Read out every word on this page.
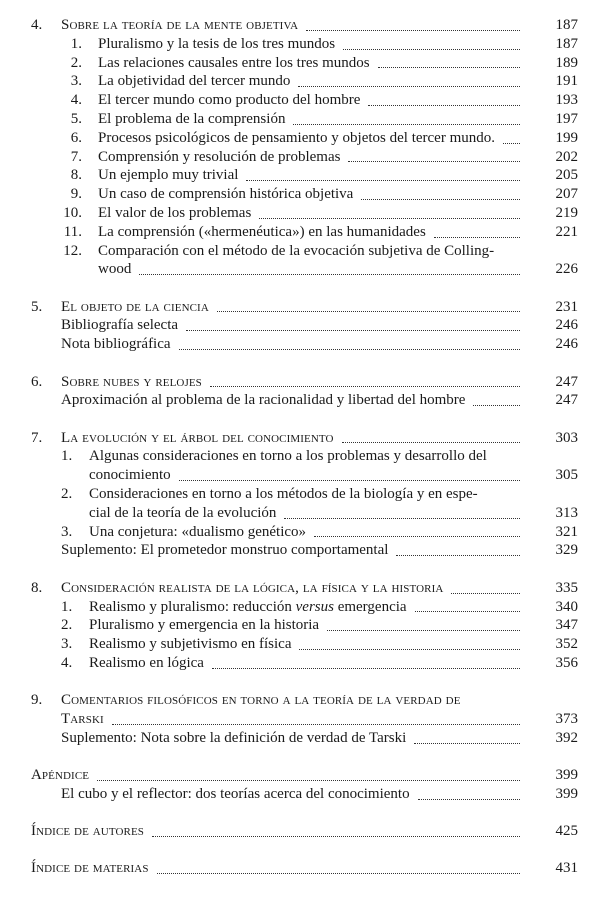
4.	Sobre la teoría de la mente objetiva	187
1. Pluralismo y la tesis de los tres mundos	187
2. Las relaciones causales entre los tres mundos	189
3. La objetividad del tercer mundo	191
4. El tercer mundo como producto del hombre	193
5. El problema de la comprensión	197
6. Procesos psicológicos de pensamiento y objetos del tercer mundo.	199
7. Comprensión y resolución de problemas	202
8. Un ejemplo muy trivial	205
9. Un caso de comprensión histórica objetiva	207
10. El valor de los problemas	219
11. La comprensión («hermenéutica») en las humanidades	221
12. Comparación con el método de la evocación subjetiva de Colling-
wood	226
5.	El objeto de la ciencia	231
Bibliografía selecta	246
Nota bibliográfica	246
6.	Sobre nubes y relojes	247
Aproximación al problema de la racionalidad y libertad del hombre	247
7.	La evolución y el árbol del conocimiento	303
1.	Algunas consideraciones en torno a los problemas y desarrollo del
conocimiento	305
2.	Consideraciones en torno a los métodos de la biología y en espe-
cial de la teoría de la evolución	313
3.	Una conjetura: «dualismo genético»	321
Suplemento: El prometedor monstruo comportamental	329
8.	Consideración realista de la lógica, la física y la historia	335
1.	Realismo y pluralismo: reducción versus emergencia	340
2.	Pluralismo y emergencia en la historia	347
3.	Realismo y subjetivismo en física	352
4.	Realismo en lógica	356
9.	Comentarios filosóficos en torno a la teoría de la verdad de
Tarski	373
Suplemento: Nota sobre la definición de verdad de Tarski	392
Apéndice	399
El cubo y el reflector: dos teorías acerca del conocimiento	399
Índice de autores	425
Índice de materias	431
